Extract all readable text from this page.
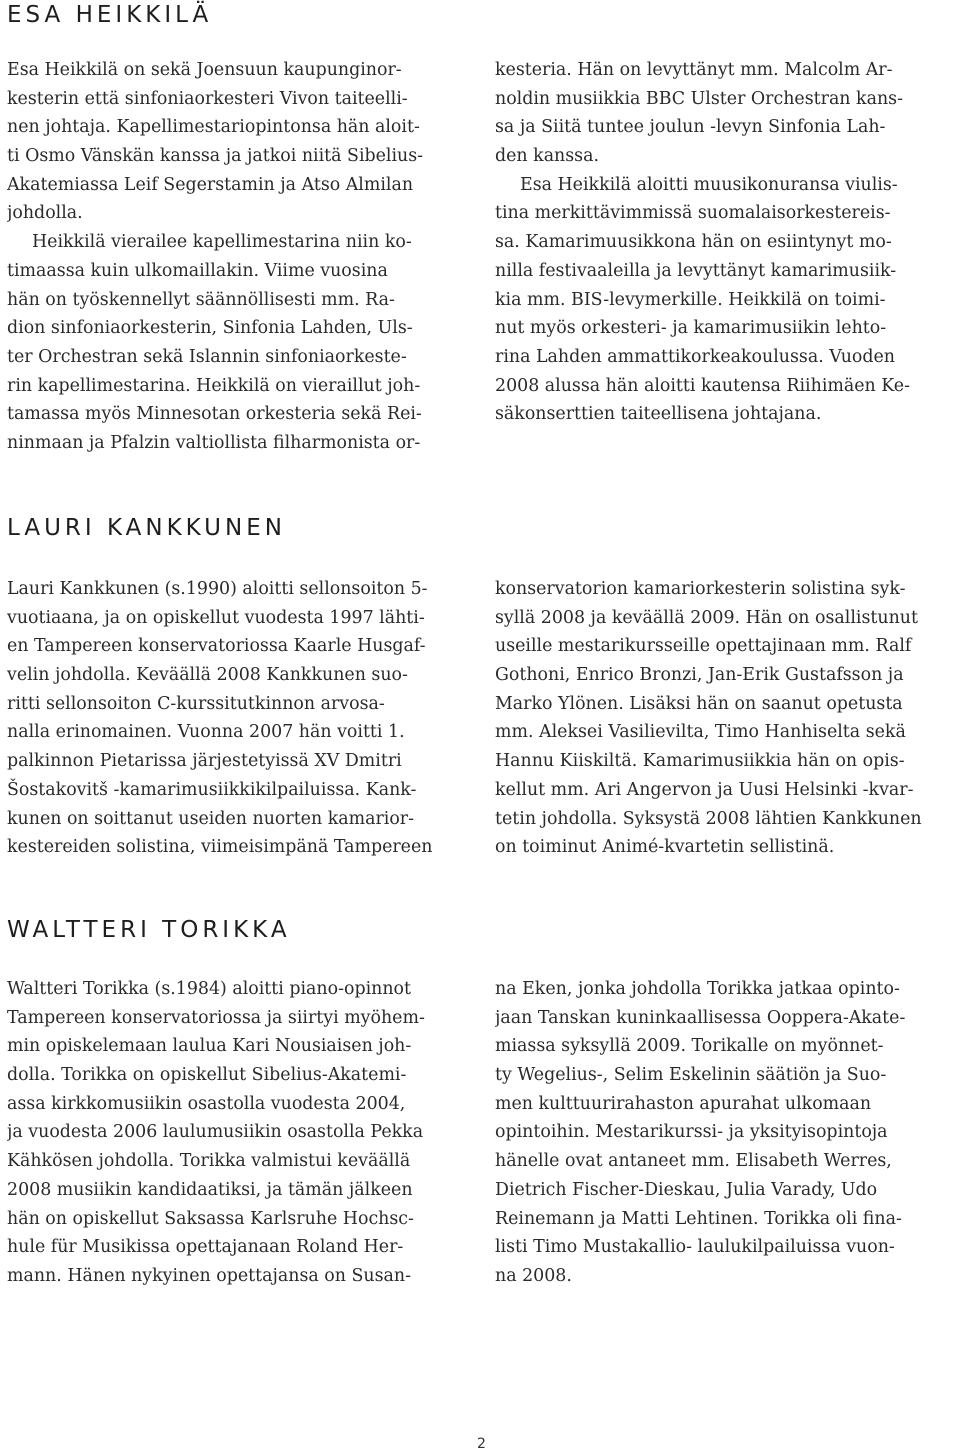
ESA HEIKKILÄ
Esa Heikkilä on sekä Joensuun kaupunginor-
kesterin että sinfoniaorkesteri Vivon taiteelli-
nen johtaja. Kapellimestariopintonsa hän aloit-
ti Osmo Vänskän kanssa ja jatkoi niitä Sibelius-
Akatemiassa Leif Segerstamin ja Atso Almilan
johdolla.
Heikkilä vierailee kapellimestarina niin ko-
timaassa kuin ulkomaillakin. Viime vuosina
hän on työskennellyt säännöllisesti mm. Ra-
dion sinfoniaorkesterin, Sinfonia Lahden, Uls-
ter Orchestran sekä Islannin sinfoniaorkeste-
rin kapellimestarina. Heikkilä on vieraillut joh-
tamassa myös Minnesotan orkesteria sekä Rei-
ninmaan ja Pfalzin valtiollista filharmonista or-
kesteria. Hän on levyttänyt mm. Malcolm Ar-
noldin musiikkia BBC Ulster Orchestran kans-
sa ja Siitä tuntee joulun -levyn Sinfonia Lah-
den kanssa.
Esa Heikkilä aloitti muusikonuransa viulis-
tina merkittävimmissä suomalaisorkestereis-
sa. Kamarimuusikkona hän on esiintynyt mo-
nilla festivaaleilla ja levyttänyt kamarimusiik-
kia mm. BIS-levymerkille. Heikkilä on toimi-
nut myös orkesteri- ja kamarimusiikin lehto-
rina Lahden ammattikorkeakoulussa. Vuoden
2008 alussa hän aloitti kautensa Riihimäen Ke-
säkonserttien taiteellisena johtajana.
LAURI KANKKUNEN
Lauri Kankkunen (s.1990) aloitti sellonsoiton 5-
vuotiaana, ja on opiskellut vuodesta 1997 lähti-
en Tampereen konservatoriossa Kaarle Husgaf-
velin johdolla. Keväällä 2008 Kankkunen suo-
ritti sellonsoiton C-kurssitutkinnon arvosa-
nalla erinomainen. Vuonna 2007 hän voitti 1.
palkinnon Pietarissa järjestetyissä XV Dmitri
Šostakovitš -kamarimusiikkikilpailuissa. Kank-
kunen on soittanut useiden nuorten kamarior-
kestereiden solistina, viimeisimpänä Tampereen
konservatorion kamariorkesterin solistina syk-
syllä 2008 ja keväällä 2009. Hän on osallistunut
useille mestarikursseille opettajinaan mm. Ralf
Gothoni, Enrico Bronzi, Jan-Erik Gustafsson ja
Marko Ylönen. Lisäksi hän on saanut opetusta
mm. Aleksei Vasilievilta, Timo Hanhiselta sekä
Hannu Kiiskiltä. Kamarimusiikkia hän on opis-
kellut mm. Ari Angervon ja Uusi Helsinki -kvar-
tetin johdolla. Syksystä 2008 lähtien Kankkunen
on toiminut Animé-kvartetin sellistinä.
WALTTERI TORIKKA
Waltteri Torikka (s.1984) aloitti piano-opinnot
Tampereen konservatoriossa ja siirtyi myöhem-
min opiskelemaan laulua Kari Nousiaisen joh-
dolla. Torikka on opiskellut Sibelius-Akatemi-
assa kirkkomusiikin osastolla vuodesta 2004,
ja vuodesta 2006 laulumusiikin osastolla Pekka
Kähkösen johdolla. Torikka valmistui keväällä
2008 musiikin kandidaatiksi, ja tämän jälkeen
hän on opiskellut Saksassa Karlsruhe Hochsc-
hule für Musikissa opettajanaan Roland Her-
mann. Hänen nykyinen opettajansa on Susan-
na Eken, jonka johdolla Torikka jatkaa opinto-
jaan Tanskan kuninkaallisessa Ooppera-Akate-
miassa syksyllä 2009. Torikalle on myönnet-
ty Wegelius-, Selim Eskelinin säätiön ja Suo-
men kulttuurirahaston apurahat ulkomaan
opintoihin. Mestarikurssi- ja yksityisopintoja
hänelle ovat antaneet mm. Elisabeth Werres,
Dietrich Fischer-Dieskau, Julia Varady, Udo
Reinemann ja Matti Lehtinen. Torikka oli fina-
listi Timo Mustakallio- laulukilpailuissa vuon-
na 2008.
2
